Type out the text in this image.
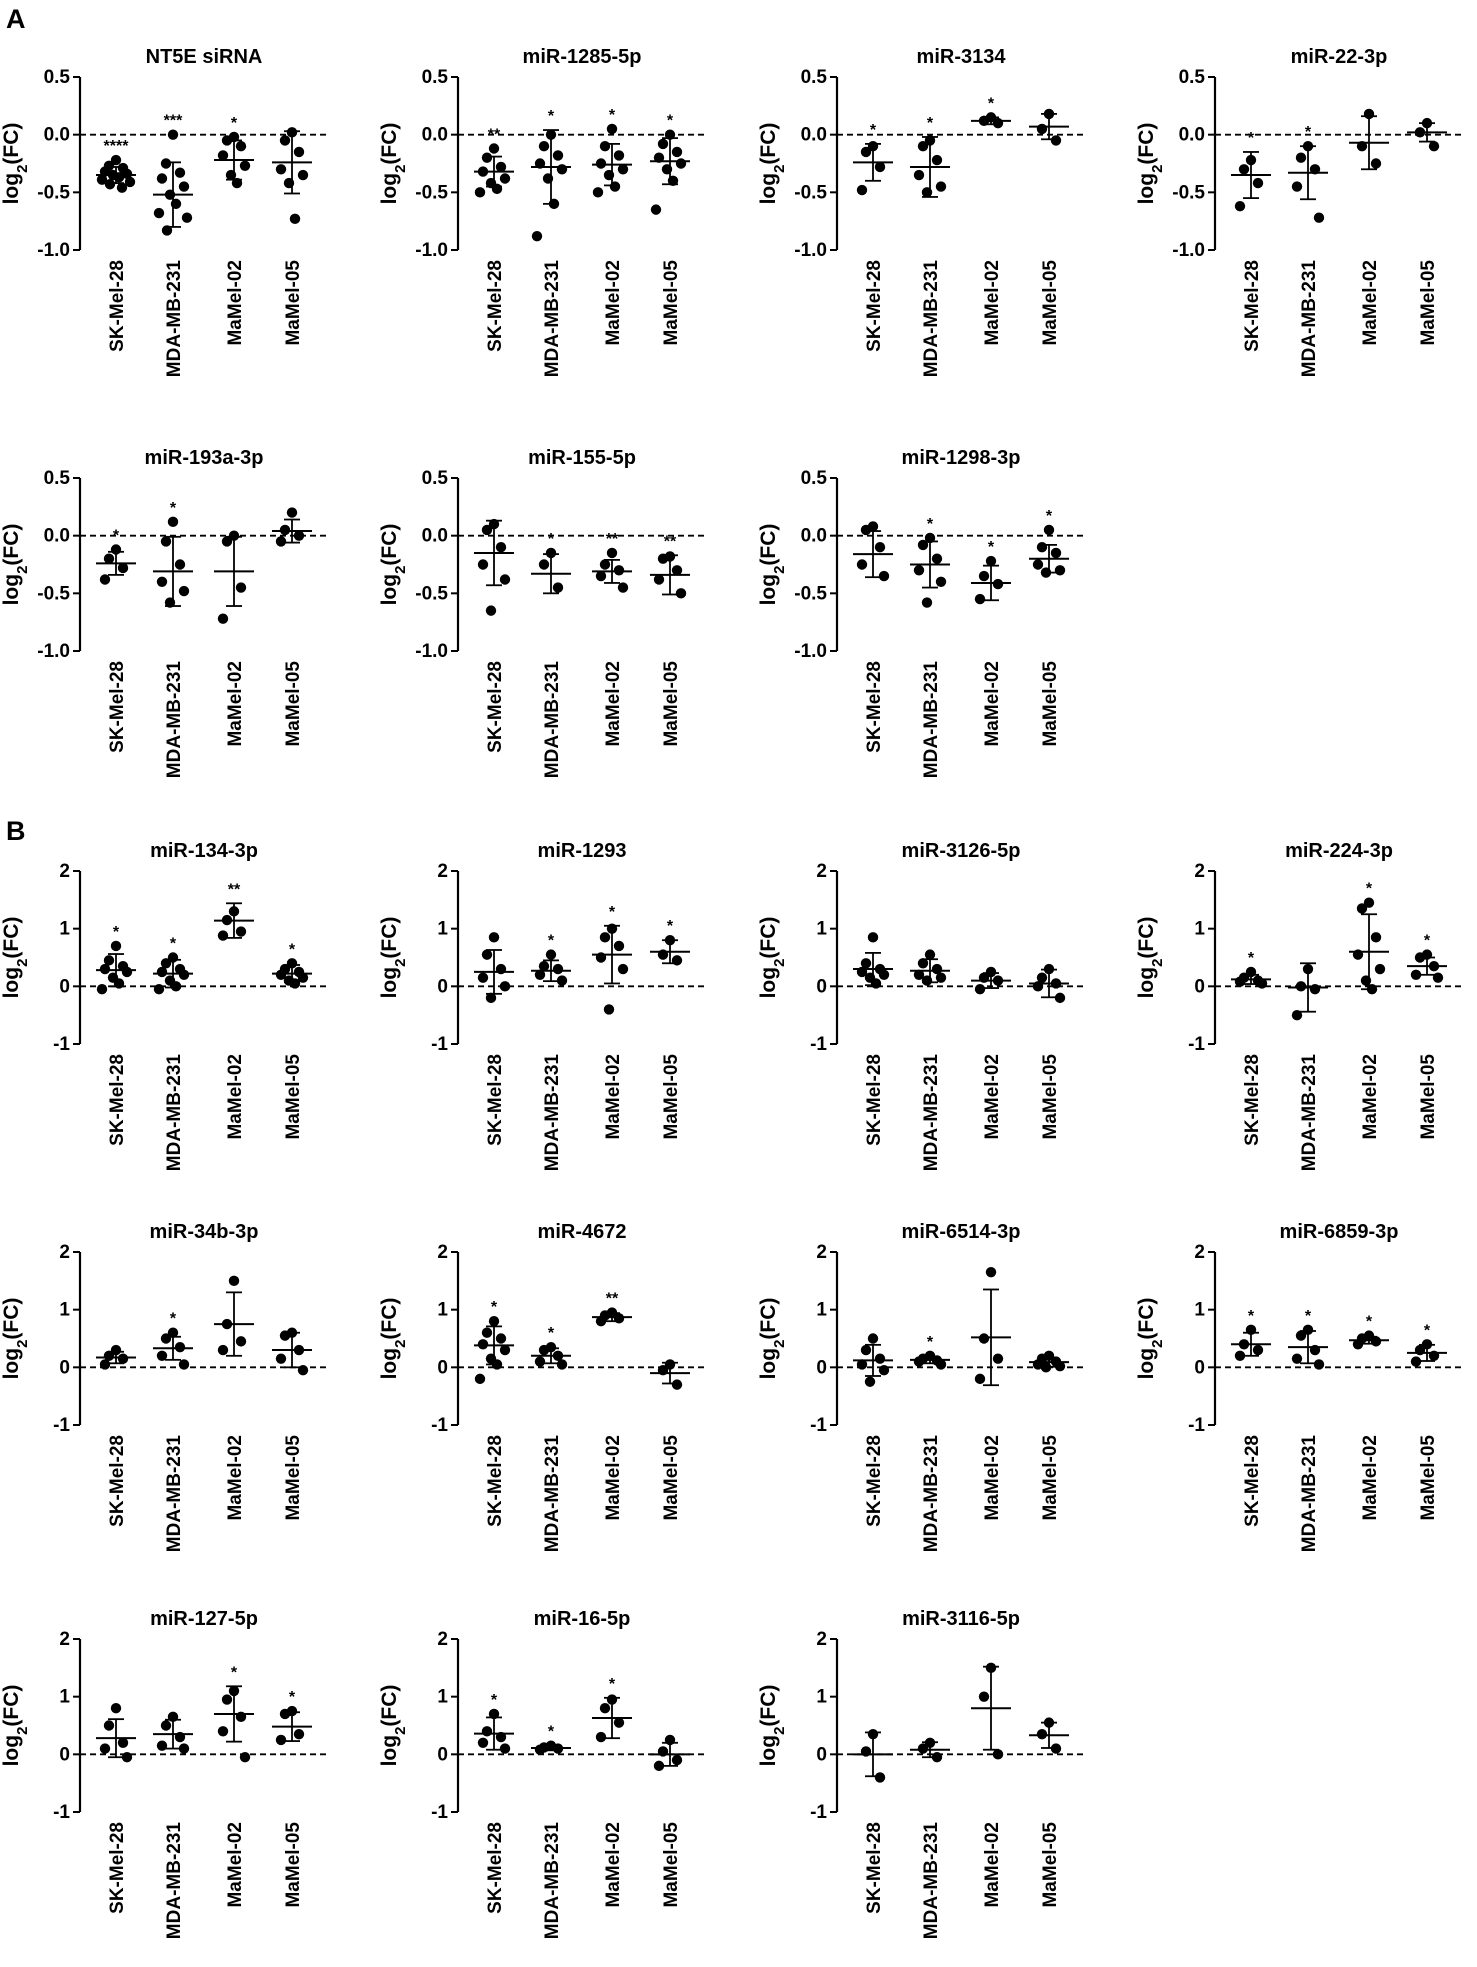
A
B
NT5E siRNA
$\log_2(FC)$
0.5
0.0
-0.5
-1.0
SK-Mel-28
****
MDA-MB-231
***
MaMel-02
*
MaMel-05
miR-1285-5p
$\log_2(FC)$
0.5
0.0
-0.5
-1.0
SK-Mel-28
**
MDA-MB-231
*
MaMel-02
*
MaMel-05
*
miR-3134
$\log_2(FC)$
0.5
0.0
-0.5
-1.0
SK-Mel-28
*
MDA-MB-231
*
MaMel-02
*
MaMel-05
miR-22-3p
$\log_2(FC)$
0.5
0.0
-0.5
-1.0
SK-Mel-28
*
MDA-MB-231
*
MaMel-02 MaMel-05
miR-193a-3p
$\log_2(FC)$
0.5
0.0
-0.5
-1.0
SK-Mel-28
*
MDA-MB-231
*
MaMel-02 MaMel-05
miR-155-5p
$\log_2(FC)$
0.5
0.0
-0.5
-1.0
SK-Mel-28 MDA-MB-231
*
MaMel-02
**
MaMel-05
**
miR-1298-3p
$\log_2(FC)$
0.5
0.0
-0.5
-1.0
SK-Mel-28 MDA-MB-231
*
MaMel-02
*
MaMel-05
*
miR-134-3p
$\log_2(FC)$
2
1
0
-1
SK-Mel-28
*
MDA-MB-231
*
MaMel-02
**
MaMel-05
*
miR-1293
$\log_2(FC)$
2
1
0
-1
SK-Mel-28 MDA-MB-231
*
MaMel-02
*
MaMel-05
*
miR-3126-5p
$\log_2(FC)$
2
1
0
-1
SK-Mel-28 MDA-MB-231 MaMel-02 MaMel-05
miR-224-3p
$\log_2(FC)$
2
1
0
-1
SK-Mel-28
*
MDA-MB-231 MaMel-02
*
MaMel-05
*
miR-34b-3p
$\log_2(FC)$
2
1
0
-1
SK-Mel-28 MDA-MB-231
*
MaMel-02 MaMel-05
miR-4672
$\log_2(FC)$
2
1
0
-1
SK-Mel-28
*
MDA-MB-231
*
MaMel-02
**
MaMel-05
miR-6514-3p
$\log_2(FC)$
2
1
0
-1
SK-Mel-28 MDA-MB-231
*
MaMel-02 MaMel-05
miR-6859-3p
$\log_2(FC)$
2
1
0
-1
SK-Mel-28
*
MDA-MB-231
*
MaMel-02
*
MaMel-05
*
miR-127-5p
$\log_2(FC)$
2
1
0
-1
SK-Mel-28 MDA-MB-231 MaMel-02
*
MaMel-05
*
miR-16-5p
$\log_2(FC)$
2
1
0
-1
SK-Mel-28
*
MDA-MB-231
*
MaMel-02
*
MaMel-05
miR-3116-5p
$\log_2(FC)$
2
1
0
-1
SK-Mel-28 MDA-MB-231 MaMel-02 MaMel-05
